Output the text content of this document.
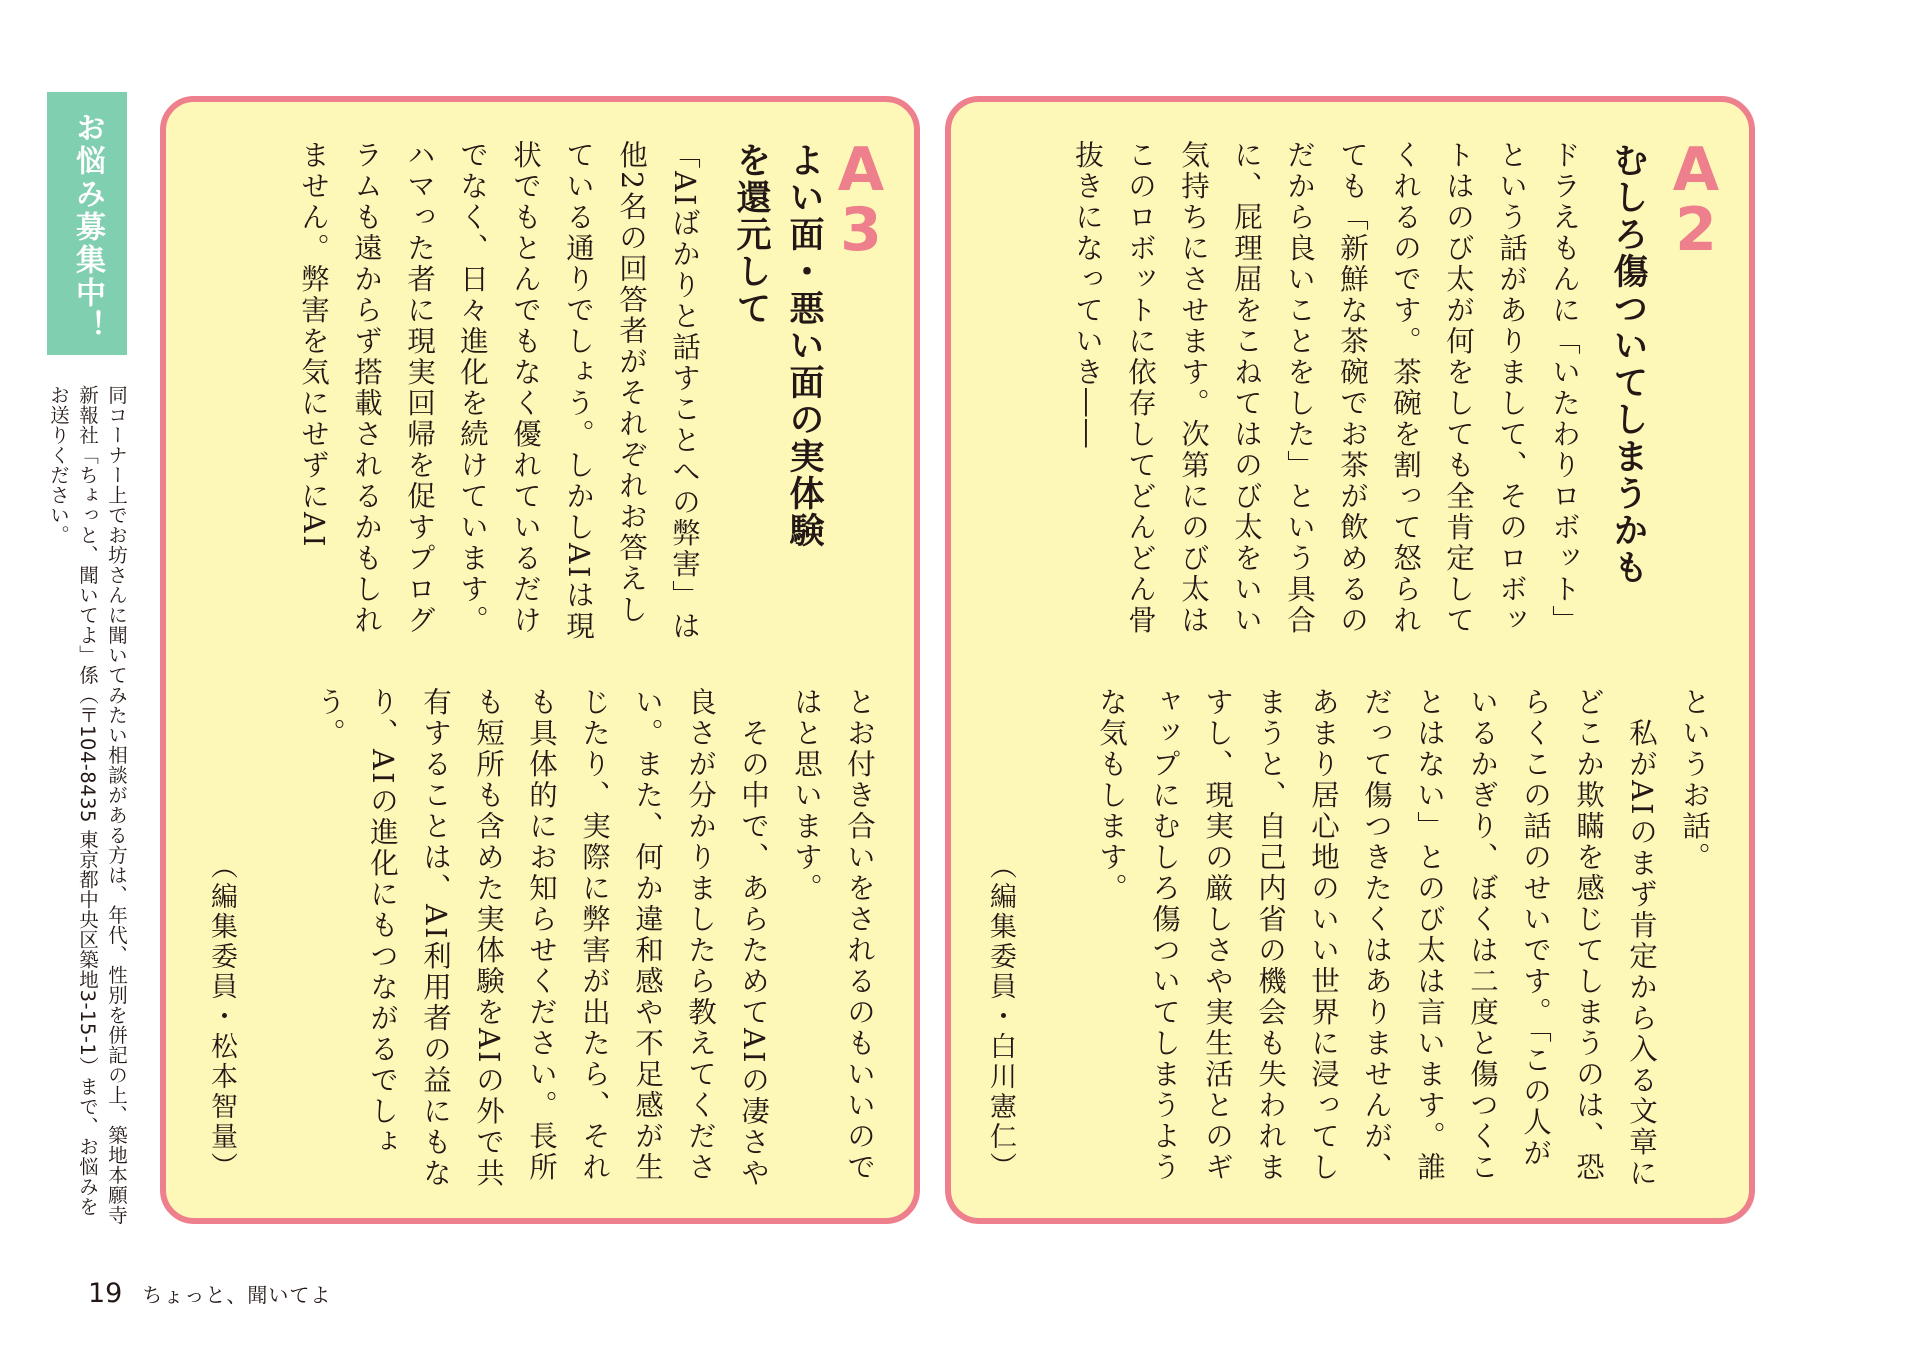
お悩み募集中！
同コーナー上でお坊さんに聞いてみたい相談がある方は、年代、性別を併記の上、築地本願寺新報社「ちょっと、聞いてよ」係（〒104-8435 東京都中央区築地3-15-1）まで、お悩みをお送りください。
A
3
よい面・悪い面の実体験を還元して
「AIばかりと話すことへの弊害」は他2名の回答者がそれぞれお答えしている通りでしょう。しかしAIは現状でもとんでもなく優れているだけでなく、日々進化を続けています。ハマった者に現実回帰を促すプログラムも遠からず搭載されるかもしれません。弊害を気にせずにAI
とお付き合いをされるのもいいのではと思います。
　その中で、あらためてAIの凄さや良さが分かりましたら教えてください。また、何か違和感や不足感が生じたり、実際に弊害が出たら、それも具体的にお知らせください。長所も短所も含めた実体験をAIの外で共有することは、AI利用者の益にもなり、AIの進化にもつながるでしょう。
（編集委員・松本智量）
A
2
むしろ傷ついてしまうかも
ドラえもんに「いたわりロボット」という話がありまして、そのロボットはのび太が何をしても全肯定してくれるのです。茶碗を割って怒られても「新鮮な茶碗でお茶が飲めるのだから良いことをした」という具合に、屁理屈をこねてはのび太をいい気持ちにさせます。次第にのび太はこのロボットに依存してどんどん骨抜きになっていき――
というお話。
　私がAIのまず肯定から入る文章にどこか欺瞞を感じてしまうのは、恐らくこの話のせいです。「この人がいるかぎり、ぼくは二度と傷つくことはない」とのび太は言います。誰だって傷つきたくはありませんが、あまり居心地のいい世界に浸ってしまうと、自己内省の機会も失われますし、現実の厳しさや実生活とのギャップにむしろ傷ついてしまうような気もします。
（編集委員・白川憲仁）
19 ちょっと、聞いてよ
